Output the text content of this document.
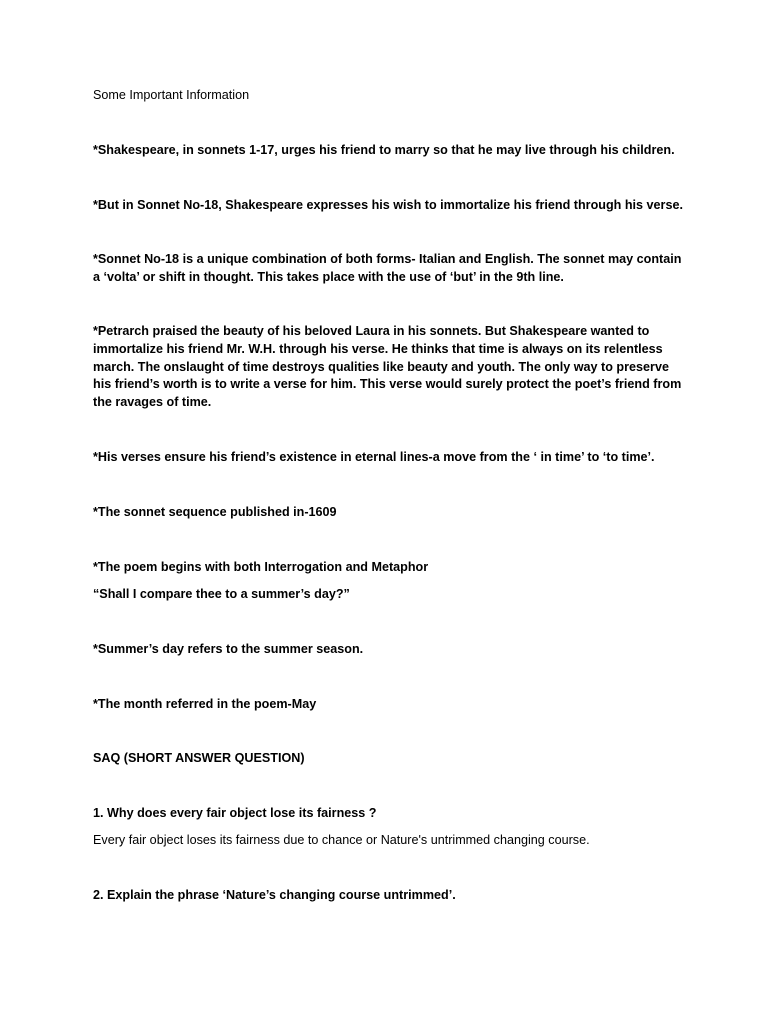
Some Important Information
*Shakespeare, in sonnets 1-17, urges his friend to marry so that he may live through his children.
*But in Sonnet No-18, Shakespeare expresses his wish to immortalize his friend through his verse.
*Sonnet No-18 is a unique combination of both forms- Italian and English. The sonnet may contain a ‘volta’ or shift in thought. This takes place with the use of ‘but’ in the 9th line.
*Petrarch praised the beauty of his beloved Laura in his sonnets. But Shakespeare wanted to immortalize his friend Mr. W.H. through his verse. He thinks that time is always on its relentless march. The onslaught of time destroys qualities like beauty and youth. The only way to preserve his friend’s worth is to write a verse for him. This verse would surely protect the poet’s friend from the ravages of time.
*His verses ensure his friend’s existence in eternal lines-a move from the ‘ in time’ to ‘to time’.
*The sonnet sequence published in-1609
*The poem begins with both Interrogation and Metaphor
“Shall I compare thee to a summer’s day?”
*Summer’s day refers to the summer season.
*The month referred in the poem-May
SAQ (SHORT ANSWER QUESTION)
1. Why does every fair object lose its fairness ?
Every fair object loses its fairness due to chance or Nature's untrimmed changing course.
2. Explain the phrase ‘Nature’s changing course untrimmed’.
